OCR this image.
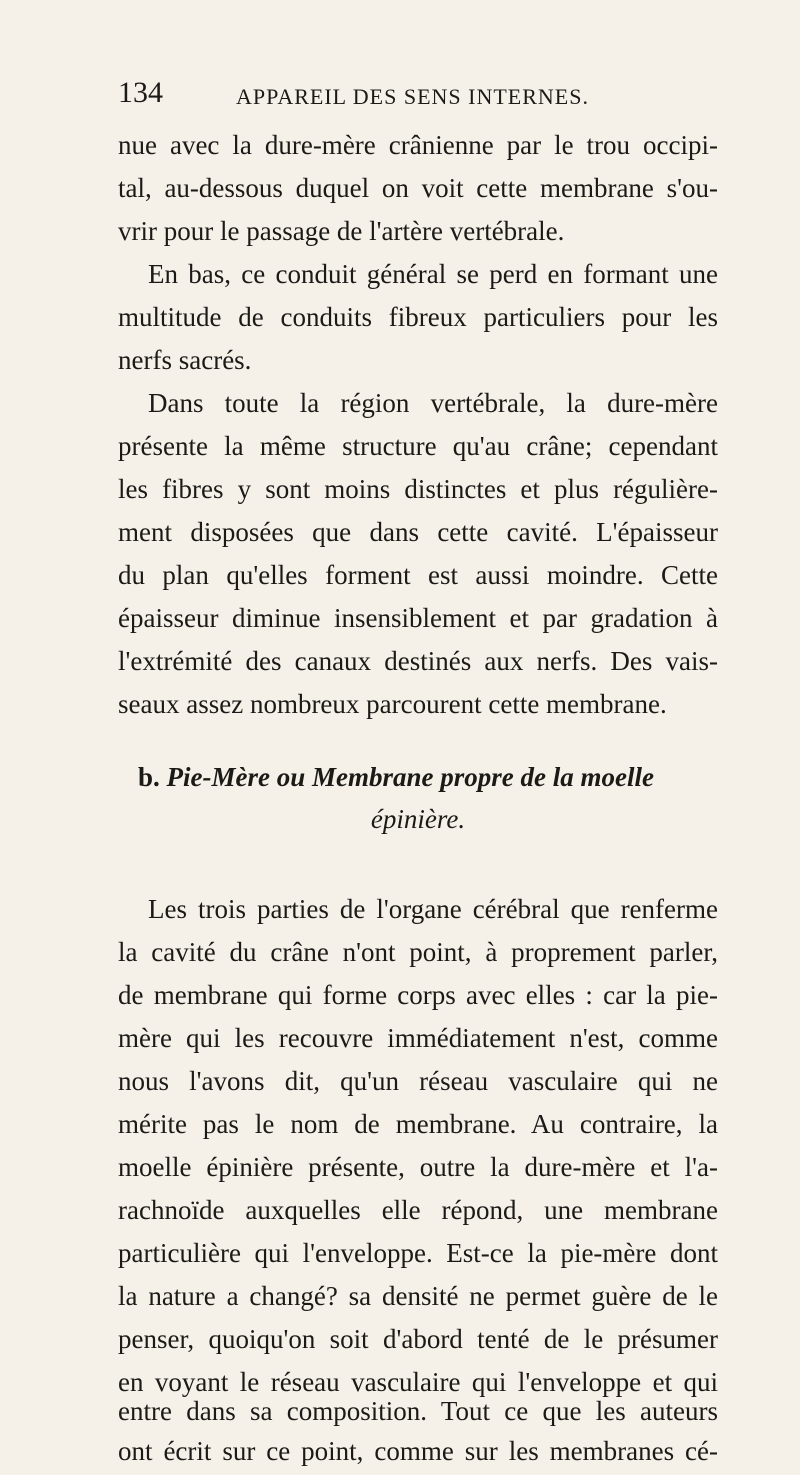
134	APPAREIL DES SENS INTERNES.
nue avec la dure-mère crânienne par le trou occipi-
tal, au-dessous duquel on voit cette membrane s'ou-
vrir pour le passage de l'artère vertébrale.
En bas, ce conduit général se perd en formant une
multitude de conduits fibreux particuliers pour les
nerfs sacrés.
Dans toute la région vertébrale, la dure-mère
présente la même structure qu'au crâne; cependant
les fibres y sont moins distinctes et plus régulière-
ment disposées que dans cette cavité. L'épaisseur
du plan qu'elles forment est aussi moindre. Cette
épaisseur diminue insensiblement et par gradation à
l'extrémité des canaux destinés aux nerfs. Des vais-
seaux assez nombreux parcourent cette membrane.
b. Pie-Mère ou Membrane propre de la moelle
épinière.
Les trois parties de l'organe cérébral que renferme
la cavité du crâne n'ont point, à proprement parler,
de membrane qui forme corps avec elles : car la pie-
mère qui les recouvre immédiatement n'est, comme
nous l'avons dit, qu'un réseau vasculaire qui ne
mérite pas le nom de membrane. Au contraire, la
moelle épinière présente, outre la dure-mère et l'a-
rachnoïde auxquelles elle répond, une membrane
particulière qui l'enveloppe. Est-ce la pie-mère dont
la nature a changé? sa densité ne permet guère de le
penser, quoiqu'on soit d'abord tenté de le présumer
en voyant le réseau vasculaire qui l'enveloppe et qui
entre dans sa composition. Tout ce que les auteurs
ont écrit sur ce point, comme sur les membranes cé-
